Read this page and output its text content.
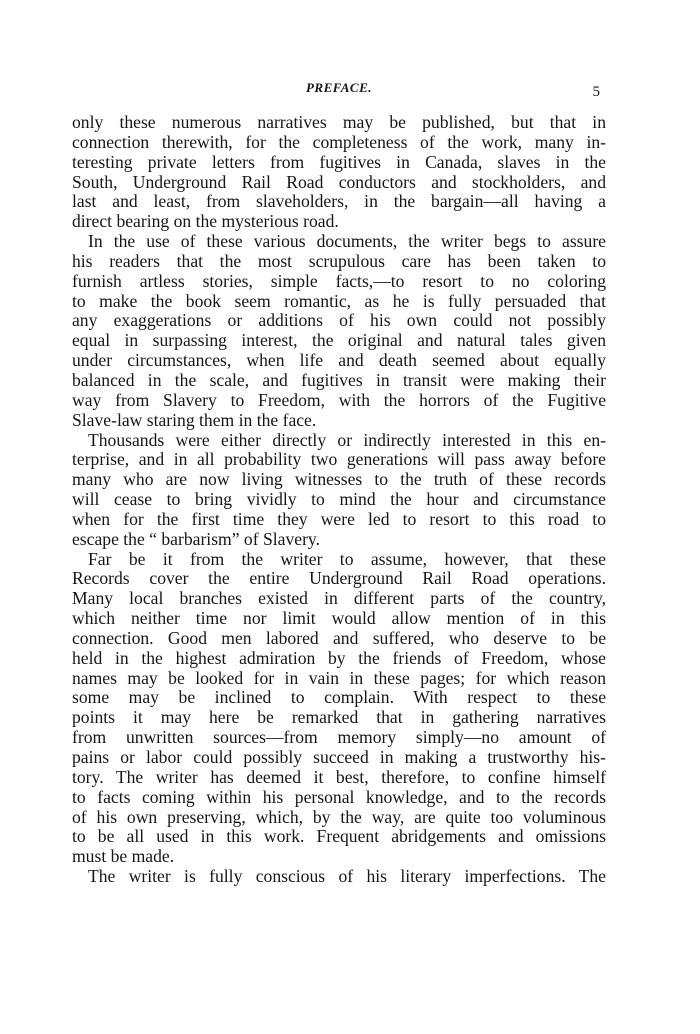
PREFACE.	5
only these numerous narratives may be published, but that in
connection therewith, for the completeness of the work, many in-
teresting private letters from fugitives in Canada, slaves in the
South, Underground Rail Road conductors and stockholders, and
last and least, from slaveholders, in the bargain—all having a
direct bearing on the mysterious road.
In the use of these various documents, the writer begs to assure
his readers that the most scrupulous care has been taken to
furnish artless stories, simple facts,—to resort to no coloring
to make the book seem romantic, as he is fully persuaded that
any exaggerations or additions of his own could not possibly
equal in surpassing interest, the original and natural tales given
under circumstances, when life and death seemed about equally
balanced in the scale, and fugitives in transit were making their
way from Slavery to Freedom, with the horrors of the Fugitive
Slave-law staring them in the face.
Thousands were either directly or indirectly interested in this en-
terprise, and in all probability two generations will pass away before
many who are now living witnesses to the truth of these records
will cease to bring vividly to mind the hour and circumstance
when for the first time they were led to resort to this road to
escape the “ barbarism” of Slavery.
Far be it from the writer to assume, however, that these
Records cover the entire Underground Rail Road operations.
Many local branches existed in different parts of the country,
which neither time nor limit would allow mention of in this
connection. Good men labored and suffered, who deserve to be
held in the highest admiration by the friends of Freedom, whose
names may be looked for in vain in these pages; for which reason
some may be inclined to complain. With respect to these
points it may here be remarked that in gathering narratives
from unwritten sources—from memory simply—no amount of
pains or labor could possibly succeed in making a trustworthy his-
tory. The writer has deemed it best, therefore, to confine himself
to facts coming within his personal knowledge, and to the records
of his own preserving, which, by the way, are quite too voluminous
to be all used in this work. Frequent abridgements and omissions
must be made.
The writer is fully conscious of his literary imperfections. The
